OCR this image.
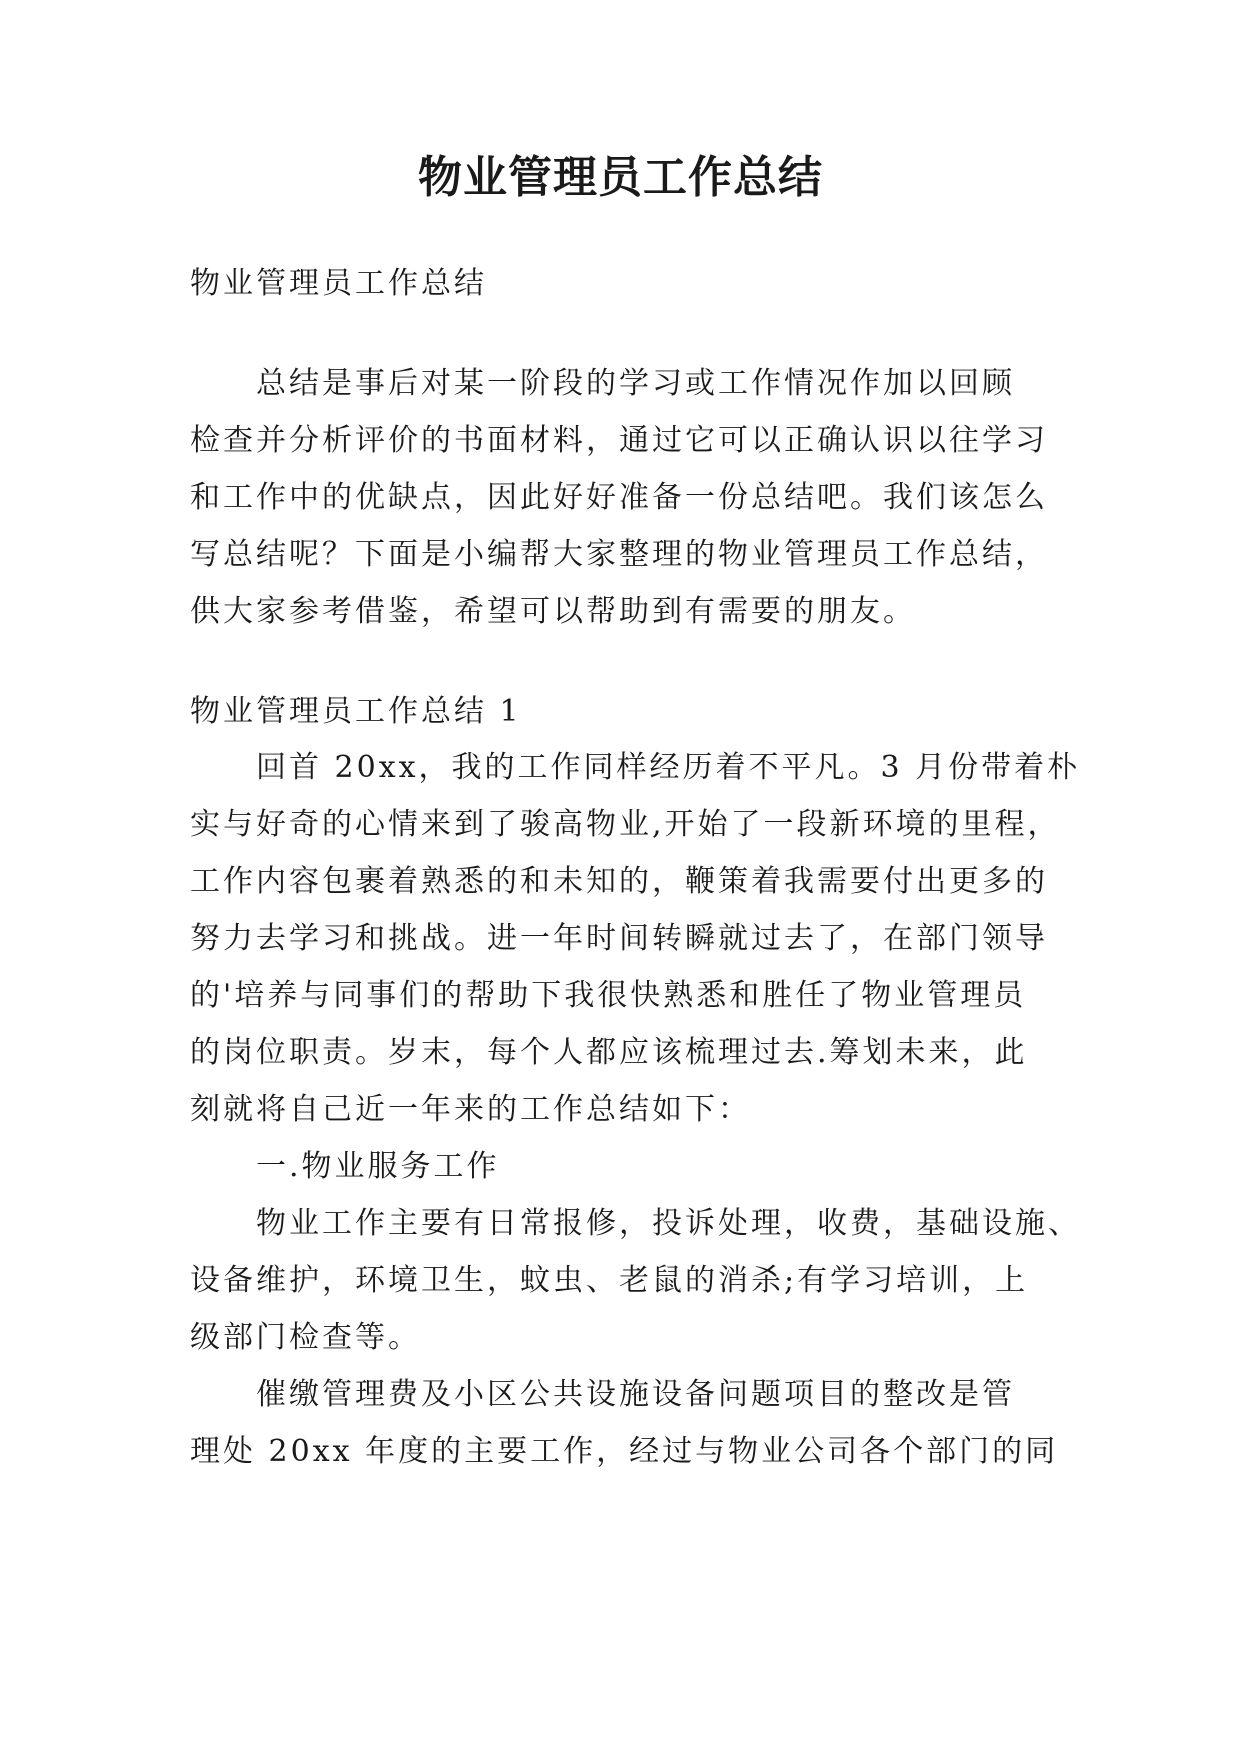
物业管理员工作总结

物业管理员工作总结

总结是事后对某一阶段的学习或工作情况作加以回顾
检查并分析评价的书面材料，通过它可以正确认识以往学习
和工作中的优缺点，因此好好准备一份总结吧。我们该怎么
写总结呢？下面是小编帮大家整理的物业管理员工作总结，
供大家参考借鉴，希望可以帮助到有需要的朋友。

物业管理员工作总结 1

回首 20xx，我的工作同样经历着不平凡。3 月份带着朴
实与好奇的心情来到了骏高物业,开始了一段新环境的里程，
工作内容包裹着熟悉的和未知的，鞭策着我需要付出更多的
努力去学习和挑战。进一年时间转瞬就过去了，在部门领导
的'培养与同事们的帮助下我很快熟悉和胜任了物业管理员
的岗位职责。岁末，每个人都应该梳理过去.筹划未来，此
刻就将自己近一年来的工作总结如下：

一.物业服务工作

物业工作主要有日常报修，投诉处理，收费，基础设施、
设备维护，环境卫生，蚊虫、老鼠的消杀;有学习培训，上
级部门检查等。

催缴管理费及小区公共设施设备问题项目的整改是管
理处 20xx 年度的主要工作，经过与物业公司各个部门的同
